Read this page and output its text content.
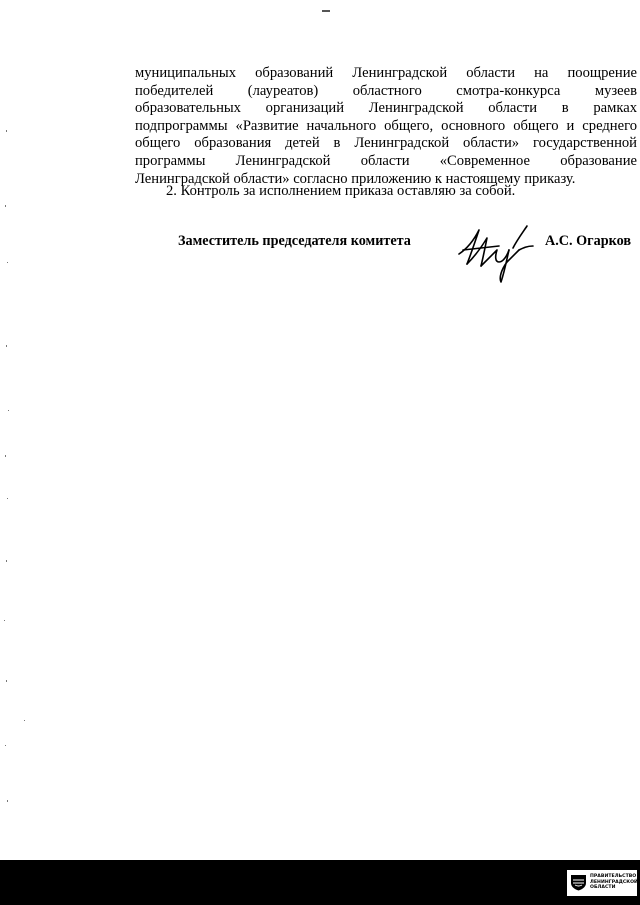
муниципальных образований Ленинградской области на поощрение
победителей (лауреатов) областного смотра-конкурса музеев
образовательных организаций Ленинградской области в рамках
подпрограммы «Развитие начального общего, основного общего и среднего
общего образования детей в Ленинградской области» государственной
программы Ленинградской области «Современное образование
Ленинградской области» согласно приложению к настоящему приказу.

2. Контроль за исполнением приказа оставляю за собой.

Заместитель председателя комитета	А.С. Огарков
ПРАВИТЕЛЬСТВО
ЛЕНИНГРАДСКОЙ
ОБЛАСТИ
